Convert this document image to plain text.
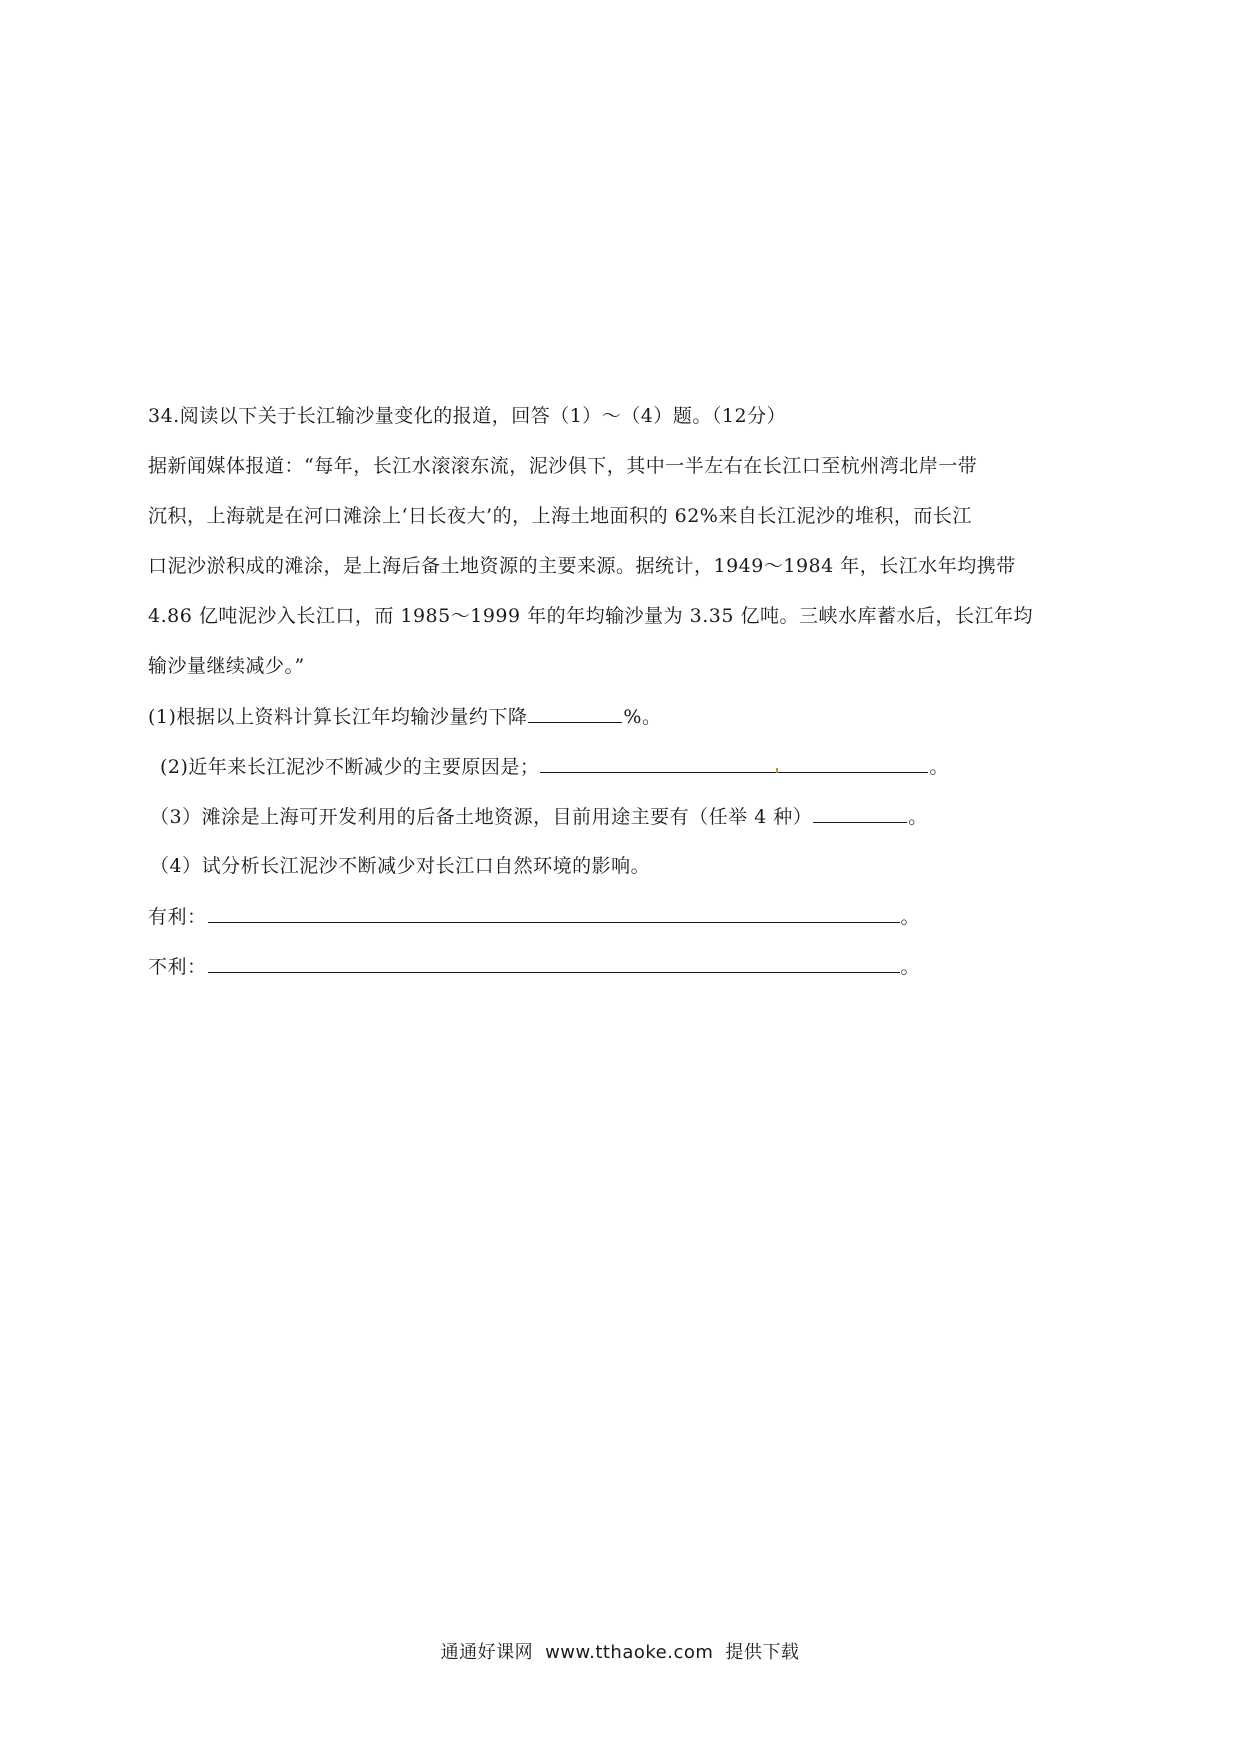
34.阅读以下关于长江输沙量变化的报道，回答（1）～（4）题。（12分）
据新闻媒体报道：“每年，长江水滚滚东流，泥沙俱下，其中一半左右在长江口至杭州湾北岸一带
沉积，上海就是在河口滩涂上‘日长夜大’的，上海土地面积的 62%来自长江泥沙的堆积，而长江
口泥沙淤积成的滩涂，是上海后备土地资源的主要来源。据统计，1949～1984 年，长江水年均携带
4.86 亿吨泥沙入长江口，而 1985～1999 年的年均输沙量为 3.35 亿吨。三峡水库蓄水后，长江年均
输沙量继续减少。”
(1)根据以上资料计算长江年均输沙量约下降	%。
(2)近年来长江泥沙不断减少的主要原因是；	。
（3）滩涂是上海可开发利用的后备土地资源，目前用途主要有（任举 4 种）	。
（4）试分析长江泥沙不断减少对长江口自然环境的影响。
有利：	。
不利：	。
通通好课网 www.tthaoke.com 提供下载
